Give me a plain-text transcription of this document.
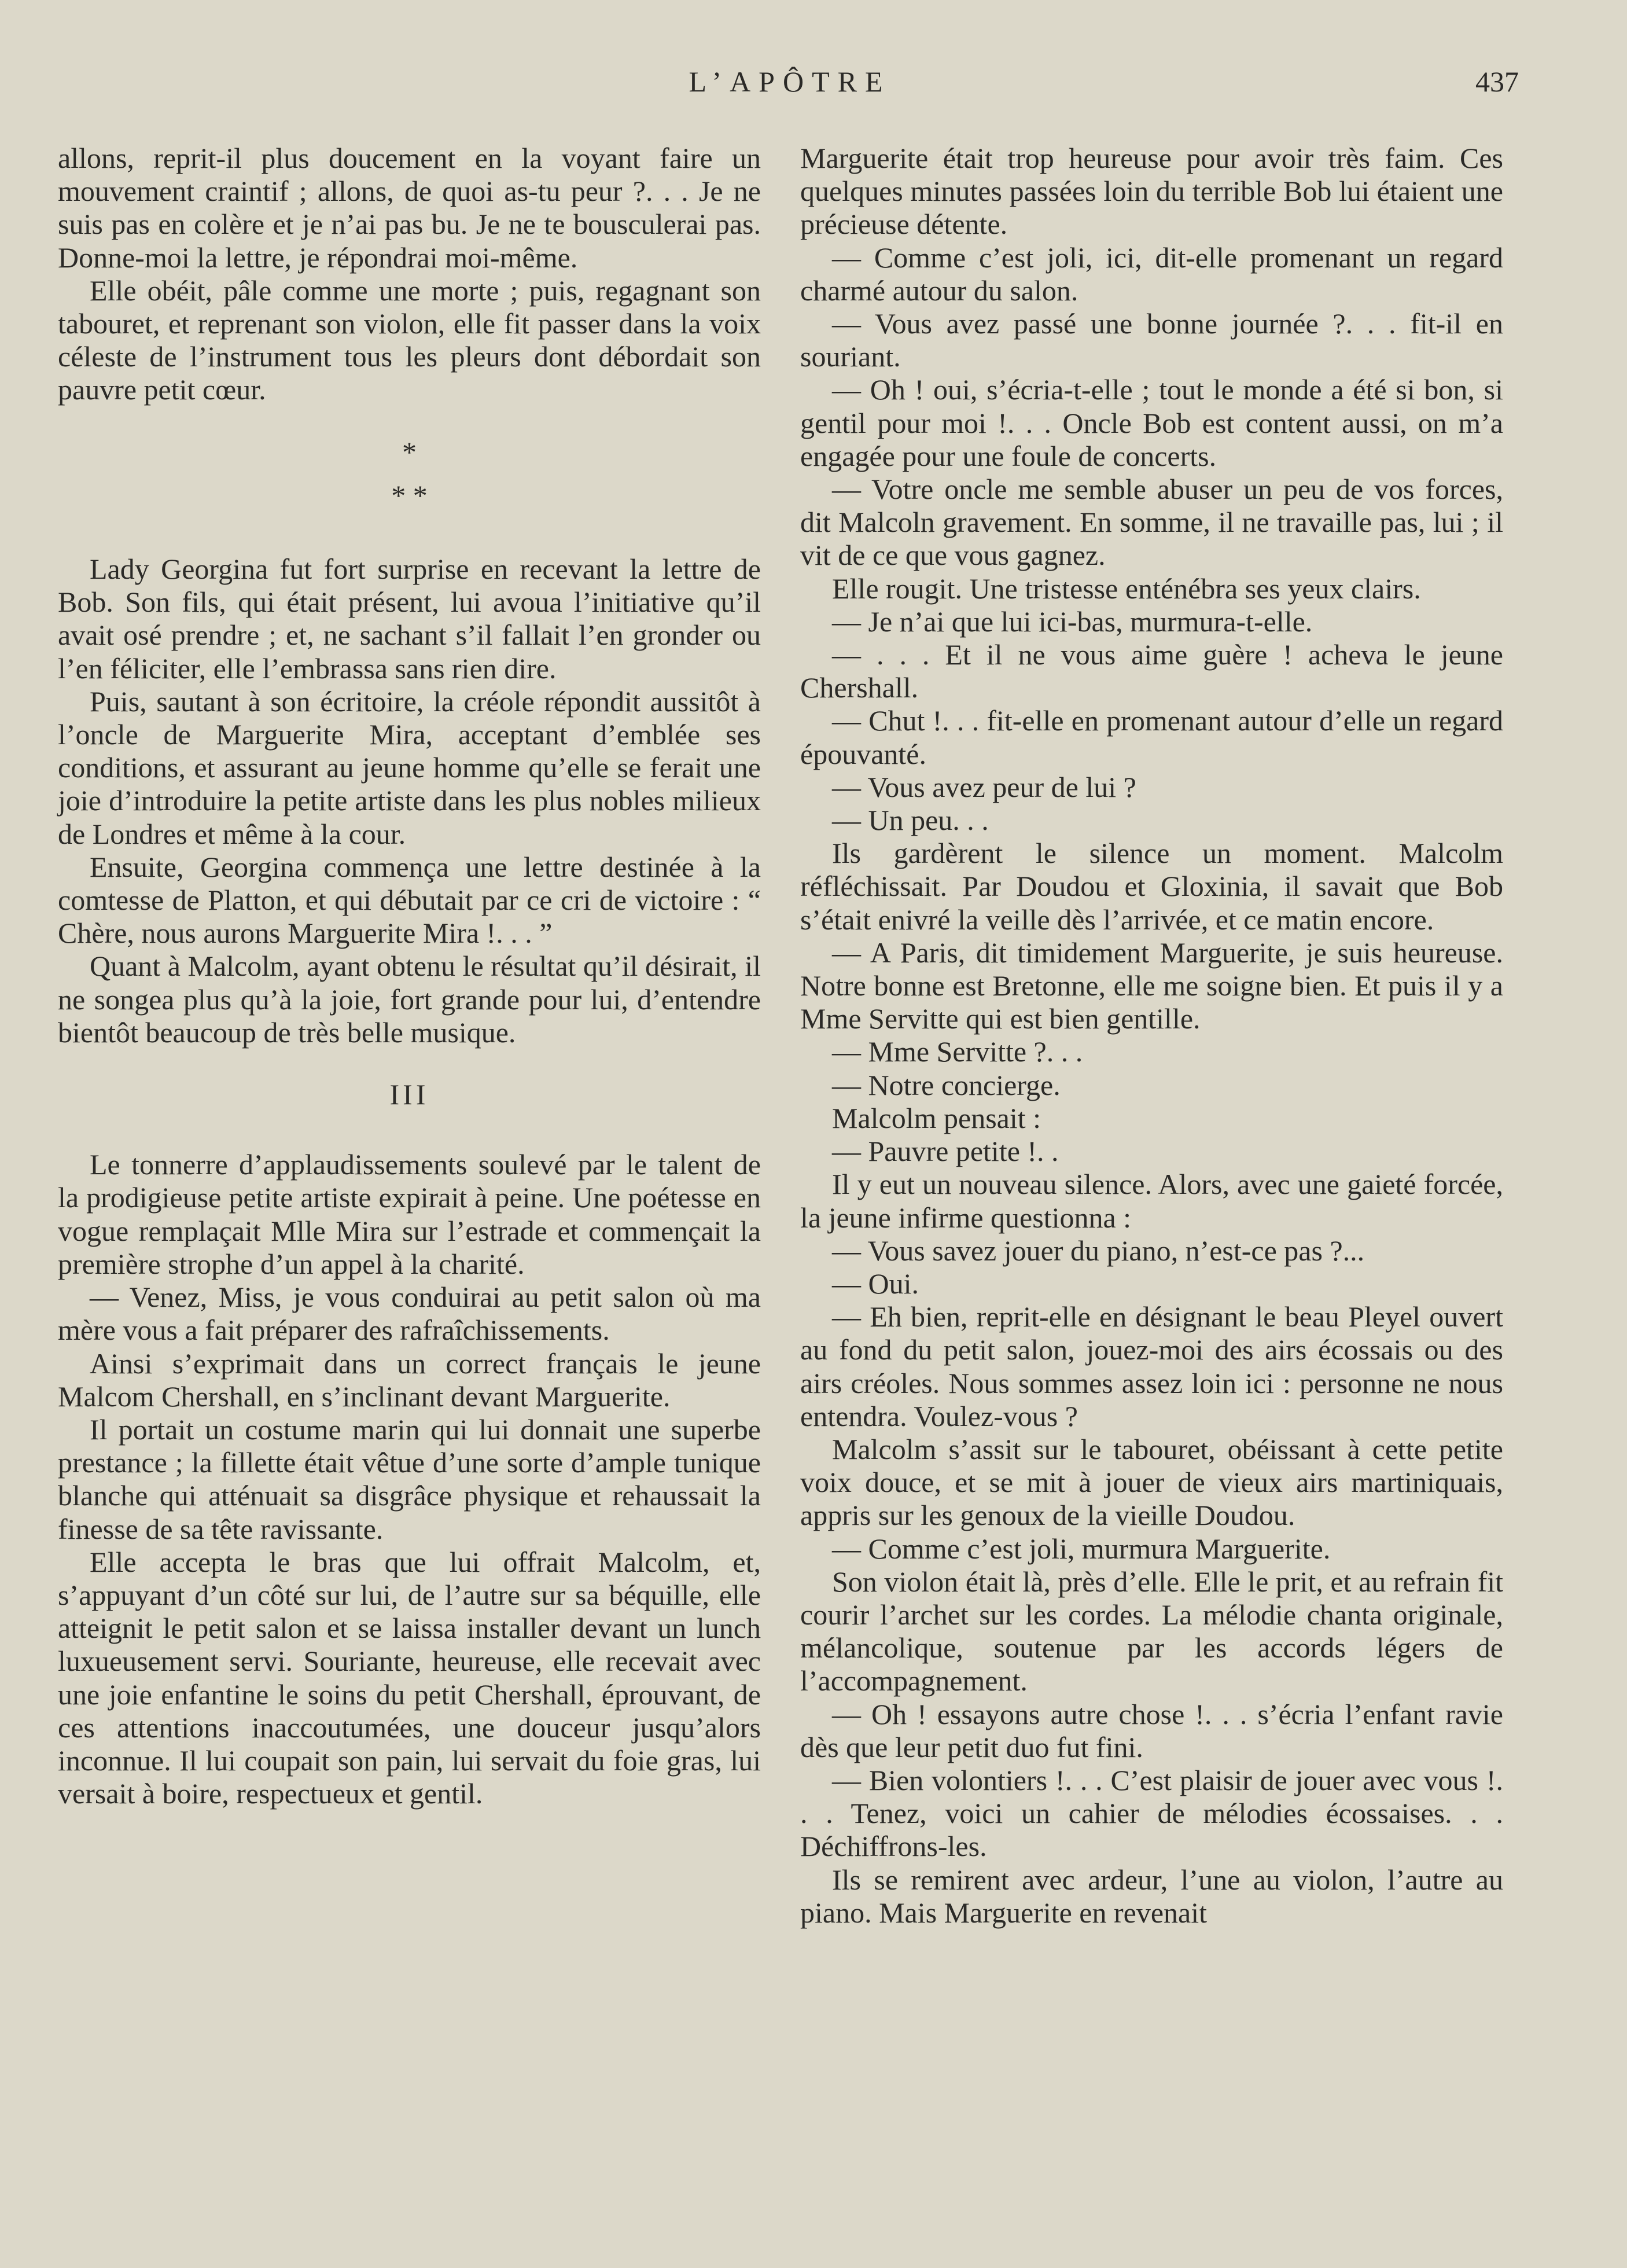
L’APÔTRE	437

allons, reprit-il plus doucement en la voyant faire un mouvement craintif ; allons, de quoi as-tu peur ?. . . Je ne suis pas en colère et je n’ai pas bu. Je ne te bousculerai pas. Donne-moi la lettre, je répondrai moi-même.

Elle obéit, pâle comme une morte ; puis, regagnant son tabouret, et reprenant son violon, elle fit passer dans la voix céleste de l’instrument tous les pleurs dont débordait son pauvre petit cœur.

*

* *

Lady Georgina fut fort surprise en recevant la lettre de Bob. Son fils, qui était présent, lui avoua l’initiative qu’il avait osé prendre ; et, ne sachant s’il fallait l’en gronder ou l’en féliciter, elle l’embrassa sans rien dire.

Puis, sautant à son écritoire, la créole répondit aussitôt à l’oncle de Marguerite Mira, acceptant d’emblée ses conditions, et assurant au jeune homme qu’elle se ferait une joie d’introduire la petite artiste dans les plus nobles milieux de Londres et même à la cour.

Ensuite, Georgina commença une lettre destinée à la comtesse de Platton, et qui débutait par ce cri de victoire : “ Chère, nous aurons Marguerite Mira !. . . ”

Quant à Malcolm, ayant obtenu le résultat qu’il désirait, il ne songea plus qu’à la joie, fort grande pour lui, d’entendre bientôt beaucoup de très belle musique.

III

Le tonnerre d’applaudissements soulevé par le talent de la prodigieuse petite artiste expirait à peine. Une poétesse en vogue remplaçait Mlle Mira sur l’estrade et commençait la première strophe d’un appel à la charité.

— Venez, Miss, je vous conduirai au petit salon où ma mère vous a fait préparer des rafraîchissements.

Ainsi s’exprimait dans un correct français le jeune Malcom Chershall, en s’inclinant devant Marguerite.

Il portait un costume marin qui lui donnait une superbe prestance ; la fillette était vêtue d’une sorte d’ample tunique blanche qui atténuait sa disgrâce physique et rehaussait la finesse de sa tête ravissante.

Elle accepta le bras que lui offrait Malcolm, et, s’appuyant d’un côté sur lui, de l’autre sur sa béquille, elle atteignit le petit salon et se laissa installer devant un lunch luxueusement servi. Souriante, heureuse, elle recevait avec une joie enfantine le soins du petit Chershall, éprouvant, de ces attentions inaccoutumées, une douceur jusqu’alors inconnue. Il lui coupait son pain, lui servait du foie gras, lui versait à boire, respectueux et gentil.

Marguerite était trop heureuse pour avoir très faim. Ces quelques minutes passées loin du terrible Bob lui étaient une précieuse détente.

— Comme c’est joli, ici, dit-elle promenant un regard charmé autour du salon.

— Vous avez passé une bonne journée ?. . . fit-il en souriant.

— Oh ! oui, s’écria-t-elle ; tout le monde a été si bon, si gentil pour moi !. . . Oncle Bob est content aussi, on m’a engagée pour une foule de concerts.

— Votre oncle me semble abuser un peu de vos forces, dit Malcoln gravement. En somme, il ne travaille pas, lui ; il vit de ce que vous gagnez.

Elle rougit. Une tristesse enténébra ses yeux clairs.

— Je n’ai que lui ici-bas, murmura-t-elle.

— . . . Et il ne vous aime guère ! acheva le jeune Chershall.

— Chut !. . . fit-elle en promenant autour d’elle un regard épouvanté.

— Vous avez peur de lui ?

— Un peu. . .

Ils gardèrent le silence un moment. Malcolm réfléchissait. Par Doudou et Gloxinia, il savait que Bob s’était enivré la veille dès l’arrivée, et ce matin encore.

— A Paris, dit timidement Marguerite, je suis heureuse. Notre bonne est Bretonne, elle me soigne bien. Et puis il y a Mme Servitte qui est bien gentille.

— Mme Servitte ?. . .

— Notre concierge.

Malcolm pensait :

— Pauvre petite !. .

Il y eut un nouveau silence. Alors, avec une gaieté forcée, la jeune infirme questionna :

— Vous savez jouer du piano, n’est-ce pas ?...

— Oui.

— Eh bien, reprit-elle en désignant le beau Pleyel ouvert au fond du petit salon, jouez-moi des airs écossais ou des airs créoles. Nous sommes assez loin ici : personne ne nous entendra. Voulez-vous ?

Malcolm s’assit sur le tabouret, obéissant à cette petite voix douce, et se mit à jouer de vieux airs martiniquais, appris sur les genoux de la vieille Doudou.

— Comme c’est joli, murmura Marguerite.

Son violon était là, près d’elle. Elle le prit, et au refrain fit courir l’archet sur les cordes. La mélodie chanta originale, mélancolique, soutenue par les accords légers de l’accompagnement.

— Oh ! essayons autre chose !. . . s’écria l’enfant ravie dès que leur petit duo fut fini.

— Bien volontiers !. . . C’est plaisir de jouer avec vous !. . . Tenez, voici un cahier de mélodies écossaises. . . Déchiffrons-les.

Ils se remirent avec ardeur, l’une au violon, l’autre au piano. Mais Marguerite en revenait
